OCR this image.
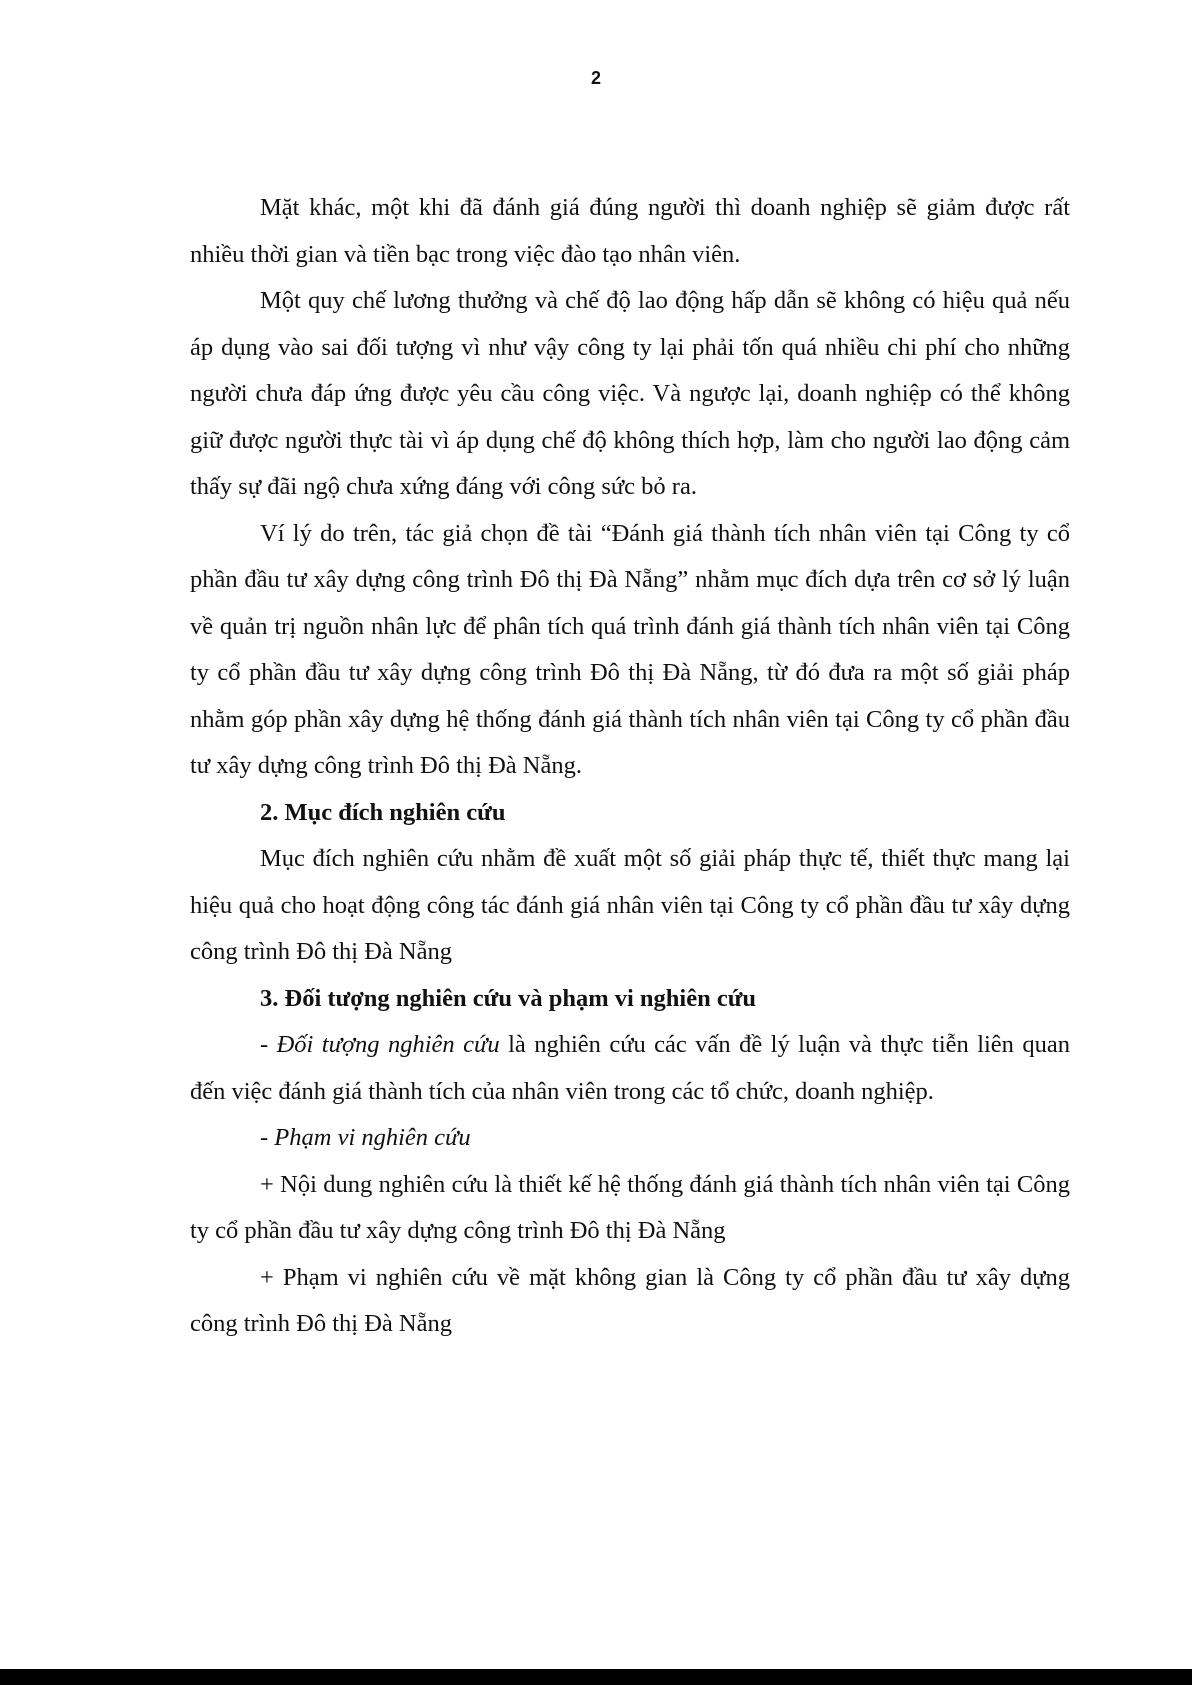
2

Mặt khác, một khi đã đánh giá đúng người thì doanh nghiệp sẽ giảm được rất nhiều thời gian và tiền bạc trong việc đào tạo nhân viên.

Một quy chế lương thưởng và chế độ lao động hấp dẫn sẽ không có hiệu quả nếu áp dụng vào sai đối tượng vì như vậy công ty lại phải tốn quá nhiều chi phí cho những người chưa đáp ứng được yêu cầu công việc. Và ngược lại, doanh nghiệp có thể không giữ được người thực tài vì áp dụng chế độ không thích hợp, làm cho người lao động cảm thấy sự đãi ngộ chưa xứng đáng với công sức bỏ ra.

Ví lý do trên, tác giả chọn đề tài “Đánh giá thành tích nhân viên tại Công ty cổ phần đầu tư xây dựng công trình Đô thị Đà Nẵng” nhằm mục đích dựa trên cơ sở lý luận về quản trị nguồn nhân lực để phân tích quá trình đánh giá thành tích nhân viên tại Công ty cổ phần đầu tư xây dựng công trình Đô thị Đà Nẵng, từ đó đưa ra một số giải pháp nhằm góp phần xây dựng hệ thống đánh giá thành tích nhân viên tại Công ty cổ phần đầu tư xây dựng công trình Đô thị Đà Nẵng.

2. Mục đích nghiên cứu

Mục đích nghiên cứu nhằm đề xuất một số giải pháp thực tế, thiết thực mang lại hiệu quả cho hoạt động công tác đánh giá nhân viên tại Công ty cổ phần đầu tư xây dựng công trình Đô thị Đà Nẵng

3. Đối tượng nghiên cứu và phạm vi nghiên cứu

- Đối tượng nghiên cứu là nghiên cứu các vấn đề lý luận và thực tiễn liên quan đến việc đánh giá thành tích của nhân viên trong các tổ chức, doanh nghiệp.

- Phạm vi nghiên cứu

+ Nội dung nghiên cứu là thiết kế hệ thống đánh giá thành tích nhân viên tại Công ty cổ phần đầu tư xây dựng công trình Đô thị Đà Nẵng

+ Phạm vi nghiên cứu về mặt không gian là Công ty cổ phần đầu tư xây dựng công trình Đô thị Đà Nẵng
